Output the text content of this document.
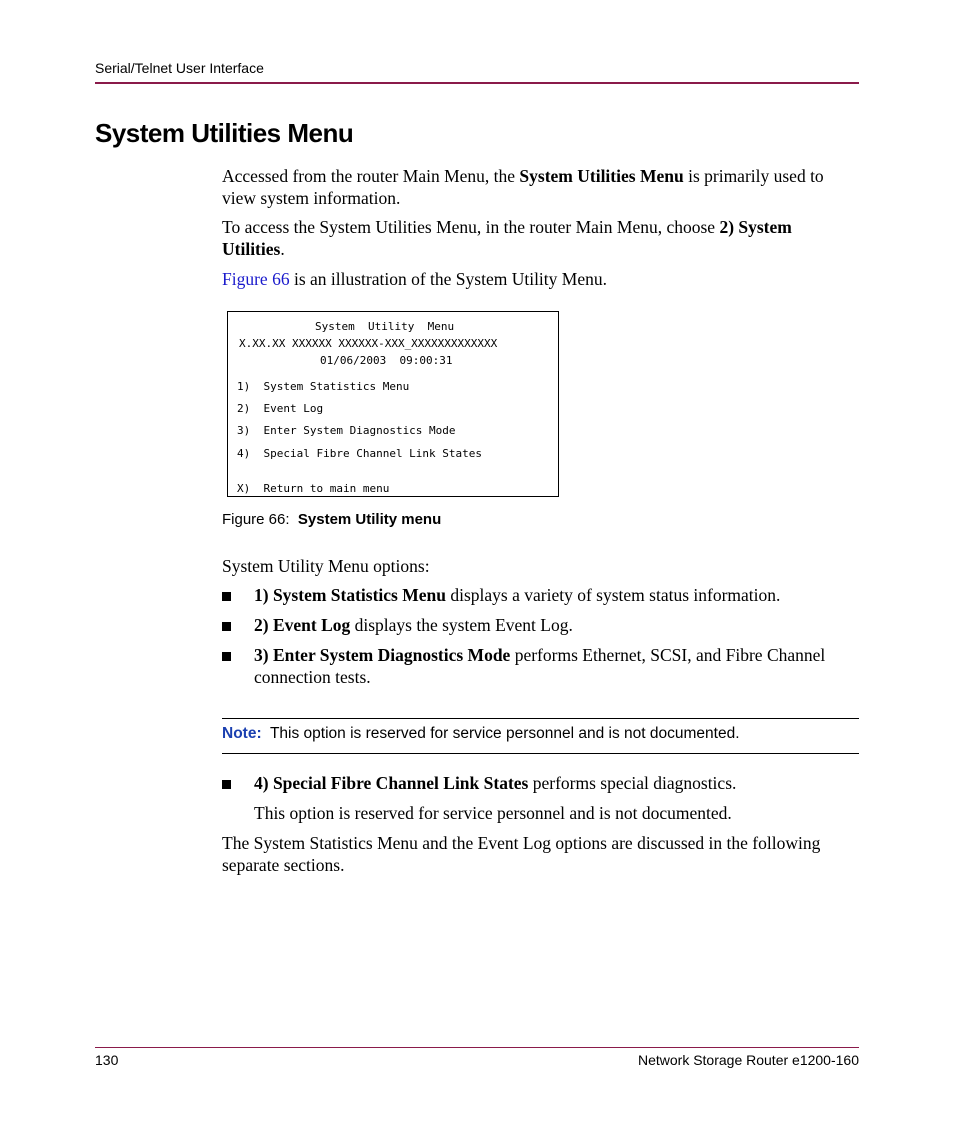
Serial/Telnet User Interface
System Utilities Menu

Accessed from the router Main Menu, the System Utilities Menu is primarily used to view system information.

To access the System Utilities Menu, in the router Main Menu, choose 2) System Utilities.

Figure 66 is an illustration of the System Utility Menu.

System  Utility  Menu
X.XX.XX XXXXXX XXXXXX-XXX_XXXXXXXXXXXXX
01/06/2003  09:00:31
1)  System Statistics Menu
2)  Event Log
3)  Enter System Diagnostics Mode
4)  Special Fibre Channel Link States
X)  Return to main menu
Figure 66: System Utility menu
System Utility Menu options:
1) System Statistics Menu displays a variety of system status information.
2) Event Log displays the system Event Log.
3) Enter System Diagnostics Mode performs Ethernet, SCSI, and Fibre Channel connection tests.
Note: This option is reserved for service personnel and is not documented.
4) Special Fibre Channel Link States performs special diagnostics.
This option is reserved for service personnel and is not documented.
The System Statistics Menu and the Event Log options are discussed in the following separate sections.
130	Network Storage Router e1200-160
